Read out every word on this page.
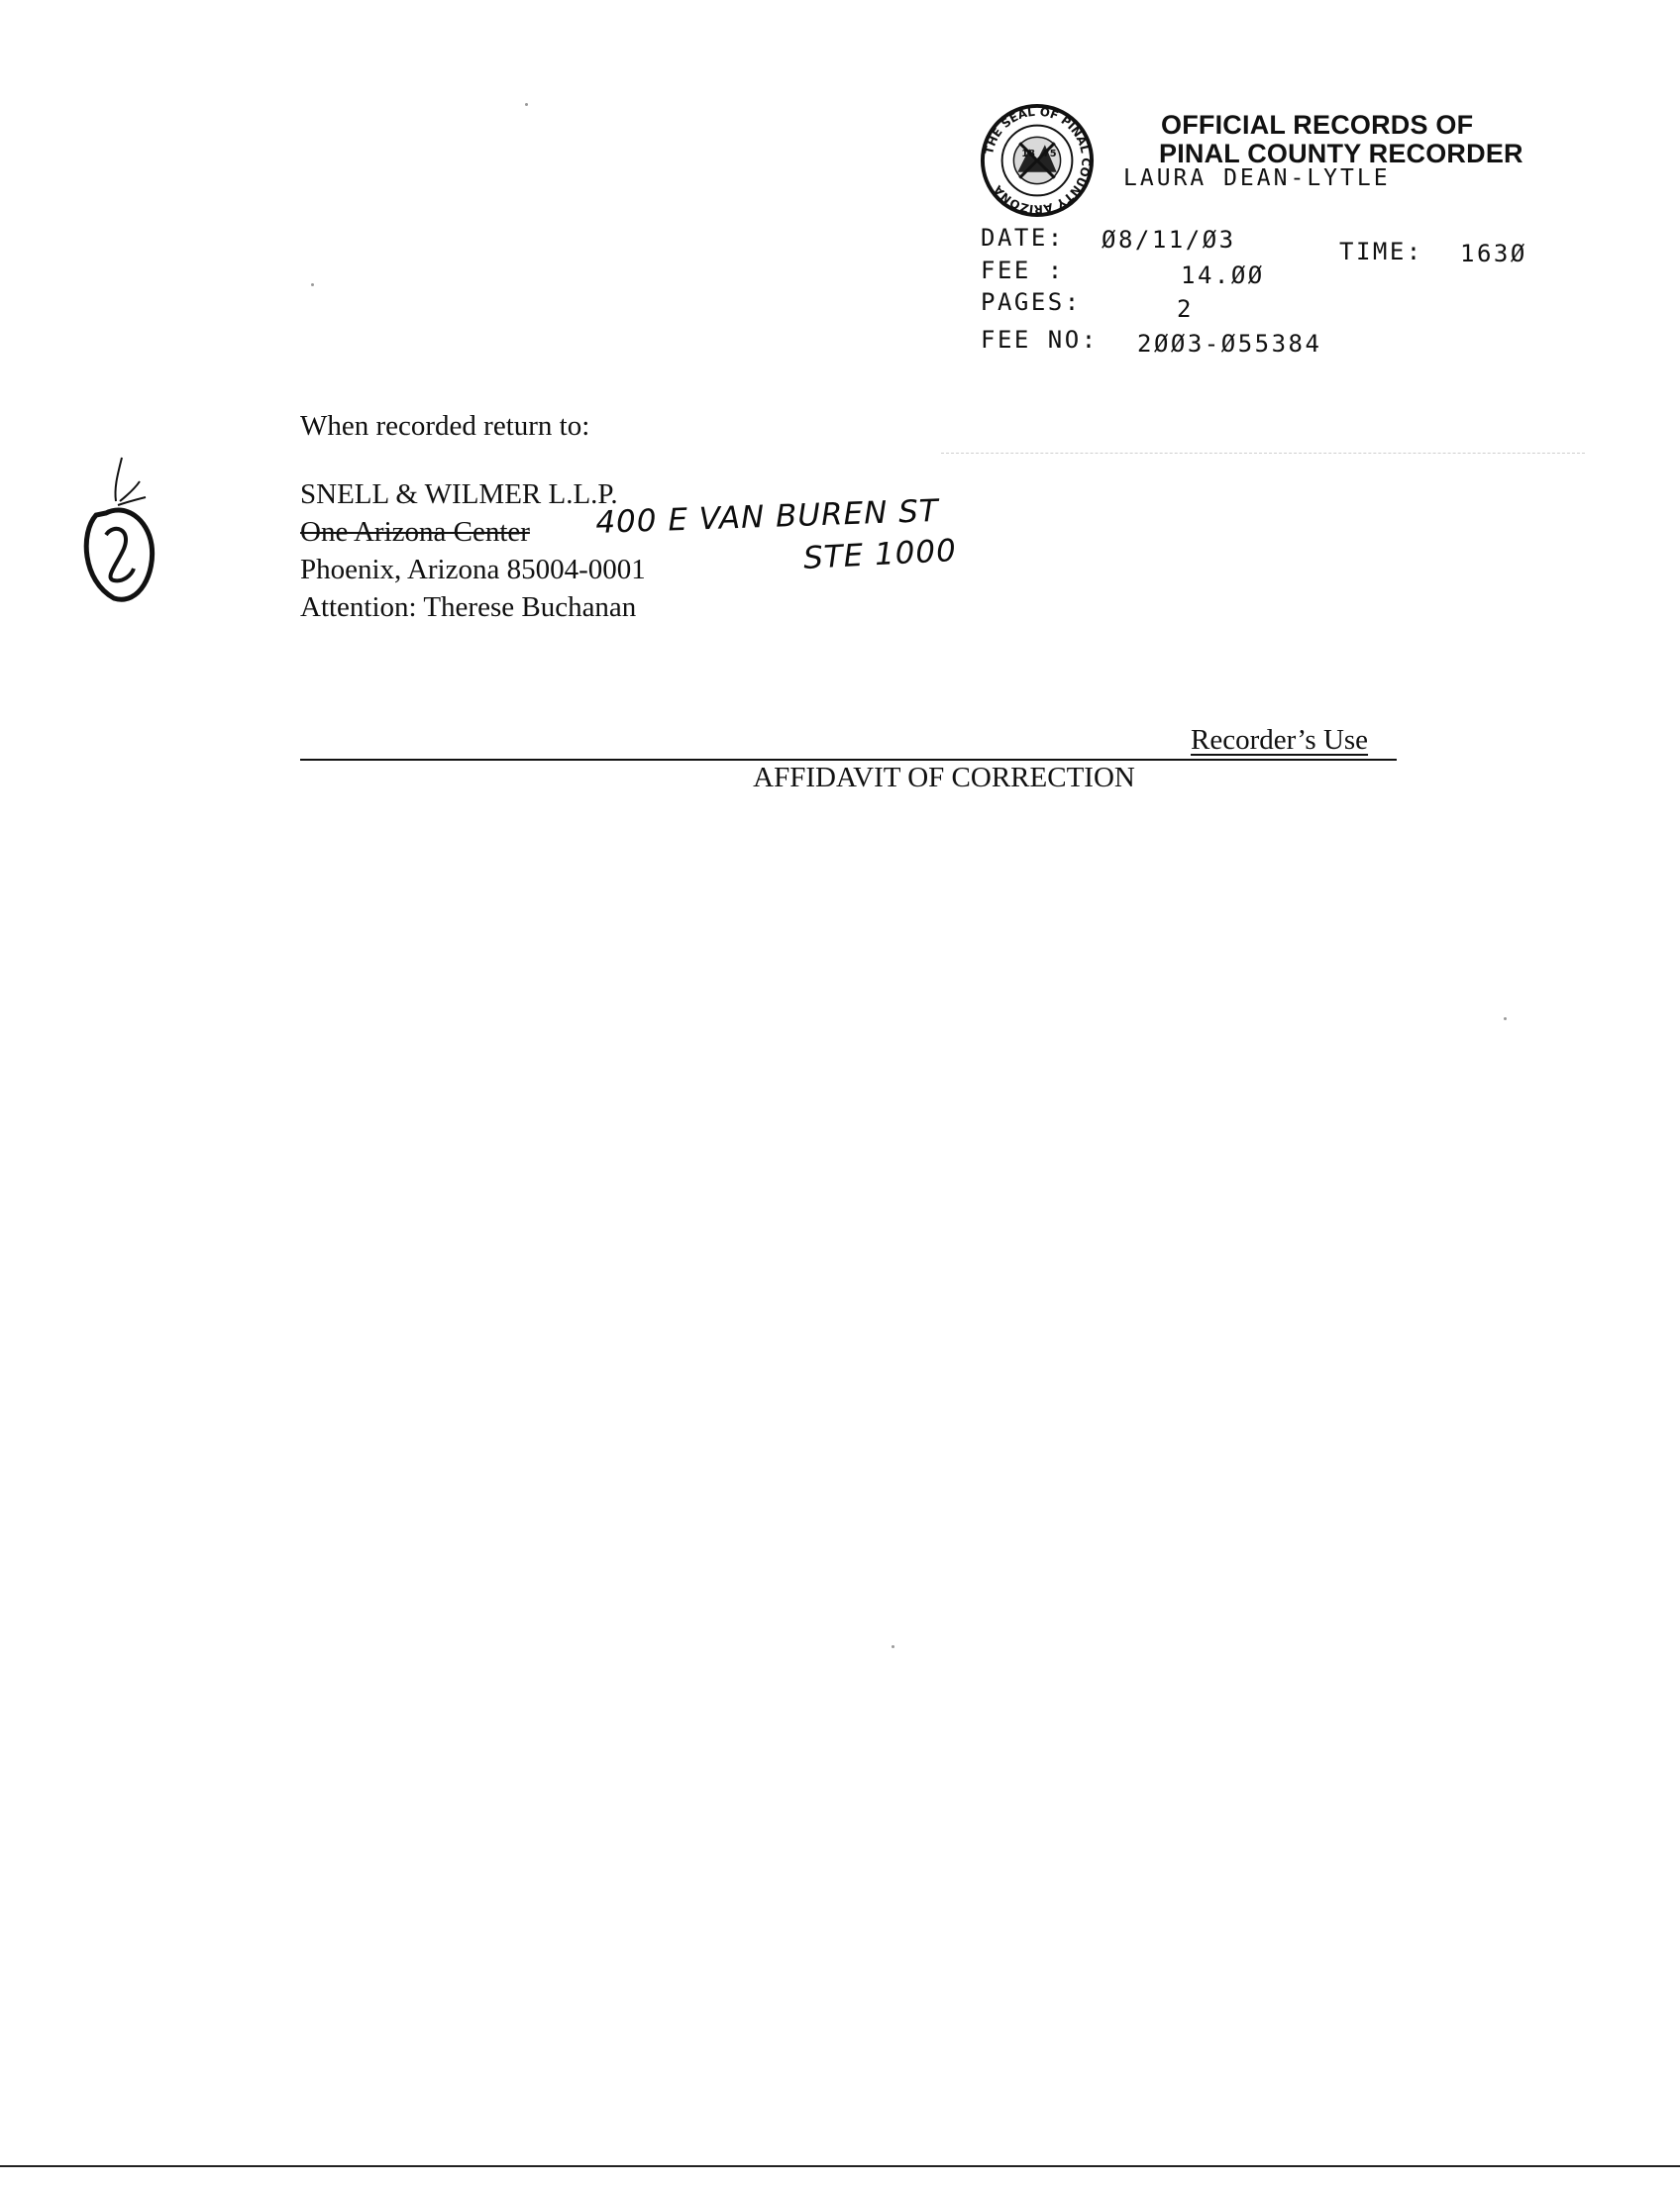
THE SEAL OF PINAL COUNTY ARIZONA
18 75
OFFICIAL RECORDS OF
PINAL COUNTY RECORDER
LAURA DEAN-LYTLE
DATE: Ø8/11/Ø3	TIME: 163Ø
FEE :	14.ØØ
PAGES:	2
FEE NO: 2ØØ3-Ø55384
When recorded return to:
SNELL & WILMER L.L.P.
One Arizona Center 400 E VAN BUREN ST
STE 1000
Phoenix, Arizona 85004-0001
Attention: Therese Buchanan
Recorder’s Use
AFFIDAVIT OF CORRECTION
